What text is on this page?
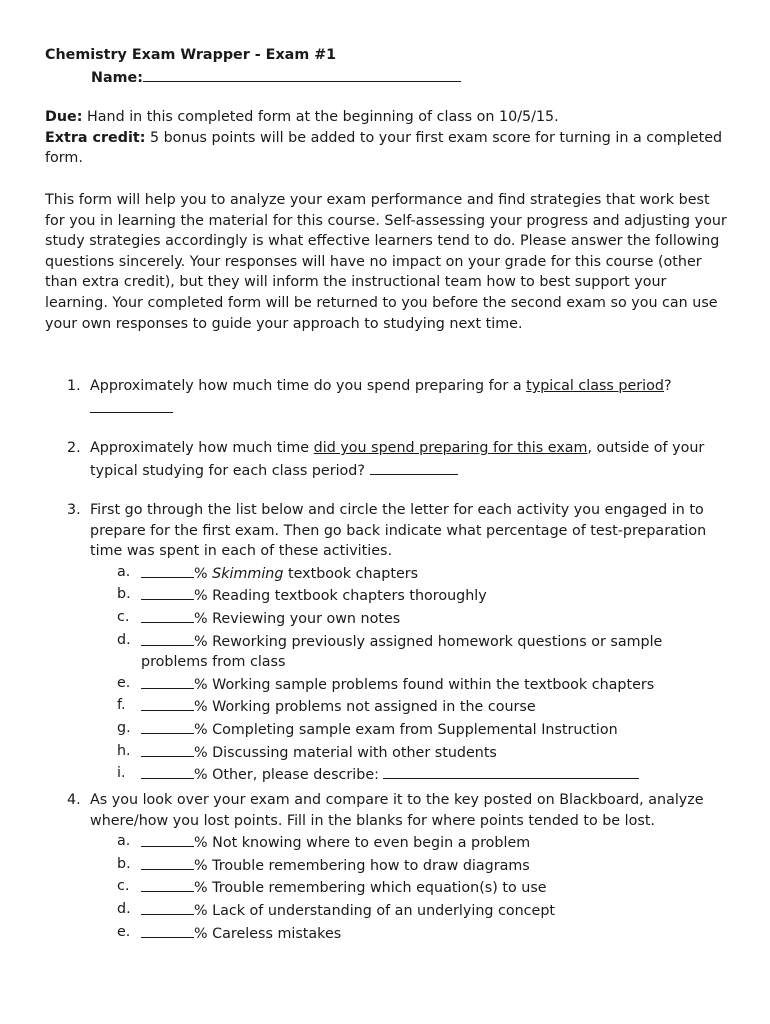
Chemistry Exam Wrapper - Exam #1
Name:
Due: Hand in this completed form at the beginning of class on 10/5/15.
Extra credit: 5 bonus points will be added to your first exam score for turning in a completed form.
This form will help you to analyze your exam performance and find strategies that work best for you in learning the material for this course. Self-assessing your progress and adjusting your study strategies accordingly is what effective learners tend to do. Please answer the following questions sincerely. Your responses will have no impact on your grade for this course (other than extra credit), but they will inform the instructional team how to best support your learning. Your completed form will be returned to you before the second exam so you can use your own responses to guide your approach to studying next time.
1. Approximately how much time do you spend preparing for a typical class period?

2. Approximately how much time did you spend preparing for this exam, outside of your typical studying for each class period?
3. First go through the list below and circle the letter for each activity you engaged in to prepare for the first exam. Then go back indicate what percentage of test-preparation time was spent in each of these activities.
a.	% Skimming textbook chapters
b.	% Reading textbook chapters thoroughly
c.	% Reviewing your own notes
d.	% Reworking previously assigned homework questions or sample
problems from class
e.	% Working sample problems found within the textbook chapters
f.	% Working problems not assigned in the course
g.	% Completing sample exam from Supplemental Instruction
h.	% Discussing material with other students
i.	% Other, please describe:
4. As you look over your exam and compare it to the key posted on Blackboard, analyze where/how you lost points. Fill in the blanks for where points tended to be lost.
a.	% Not knowing where to even begin a problem
b.	% Trouble remembering how to draw diagrams
c.	% Trouble remembering which equation(s) to use
d.	% Lack of understanding of an underlying concept
e.	% Careless mistakes
